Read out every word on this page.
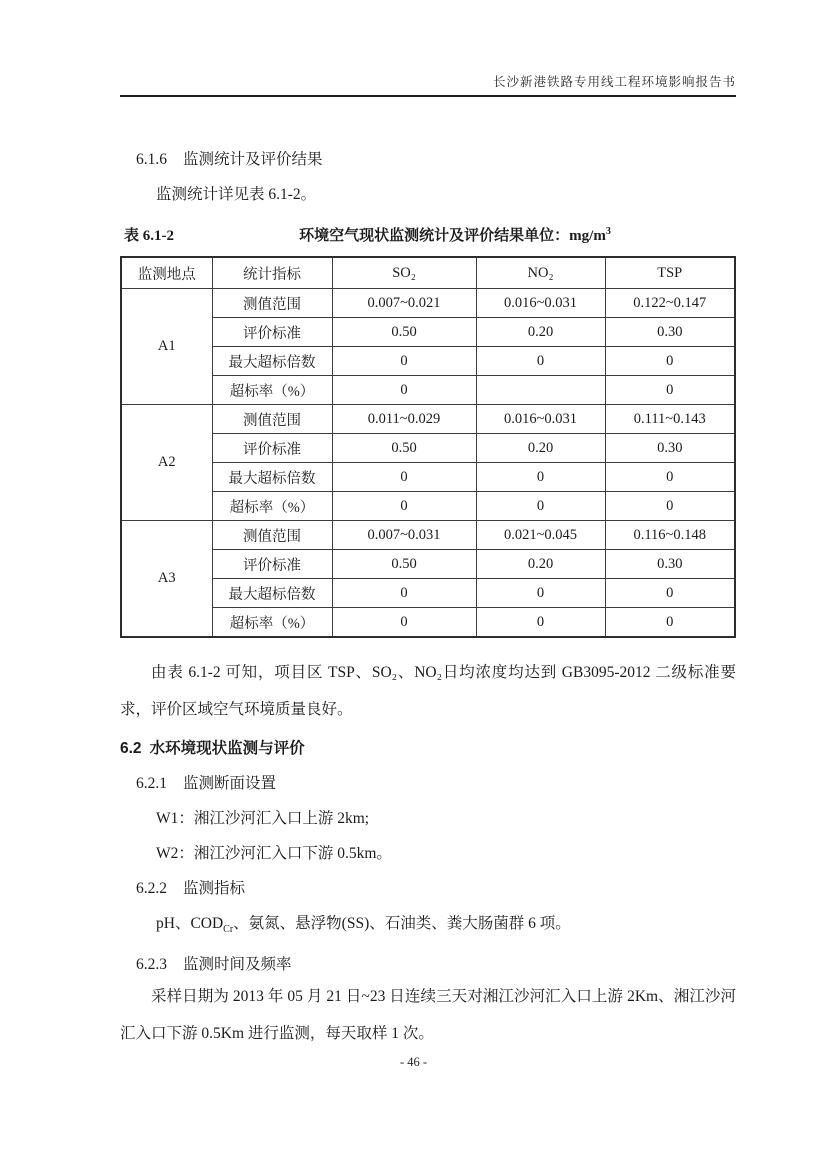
长沙新港铁路专用线工程环境影响报告书
6.1.6 监测统计及评价结果

监测统计详见表 6.1-2。

表 6.1-2	环境空气现状监测统计及评价结果单位：$mg/m^3$
监测地点	统计指标	SO₂	NO₂	TSP
A1	测值范围	0.007~0.021	0.016~0.031	0.122~0.147
	评价标准	0.50	0.20	0.30
	最大超标倍数	0	0	0
	超标率（%）	0		0
A2	测值范围	0.011~0.029	0.016~0.031	0.111~0.143
	评价标准	0.50	0.20	0.30
	最大超标倍数	0	0	0
	超标率（%）	0	0	0
A3	测值范围	0.007~0.031	0.021~0.045	0.116~0.148
	评价标准	0.50	0.20	0.30
	最大超标倍数	0	0	0
	超标率（%）	0	0	0

由表 6.1-2 可知，项目区 TSP、SO₂、NO₂日均浓度均达到 GB3095-2012 二级标准要求，评价区域空气环境质量良好。

6.2 水环境现状监测与评价
6.2.1 监测断面设置

W1：湘江沙河汇入口上游 2km;

W2：湘江沙河汇入口下游 0.5km。

6.2.2 监测指标

pH、$COD_{Cr}$、氨氮、悬浮物(SS)、石油类、粪大肠菌群 6 项。

6.2.3 监测时间及频率

采样日期为 2013 年 05 月 21 日~23 日连续三天对湘江沙河汇入口上游 2Km、湘江沙河汇入口下游 0.5Km 进行监测，每天取样 1 次。

- 46 -
